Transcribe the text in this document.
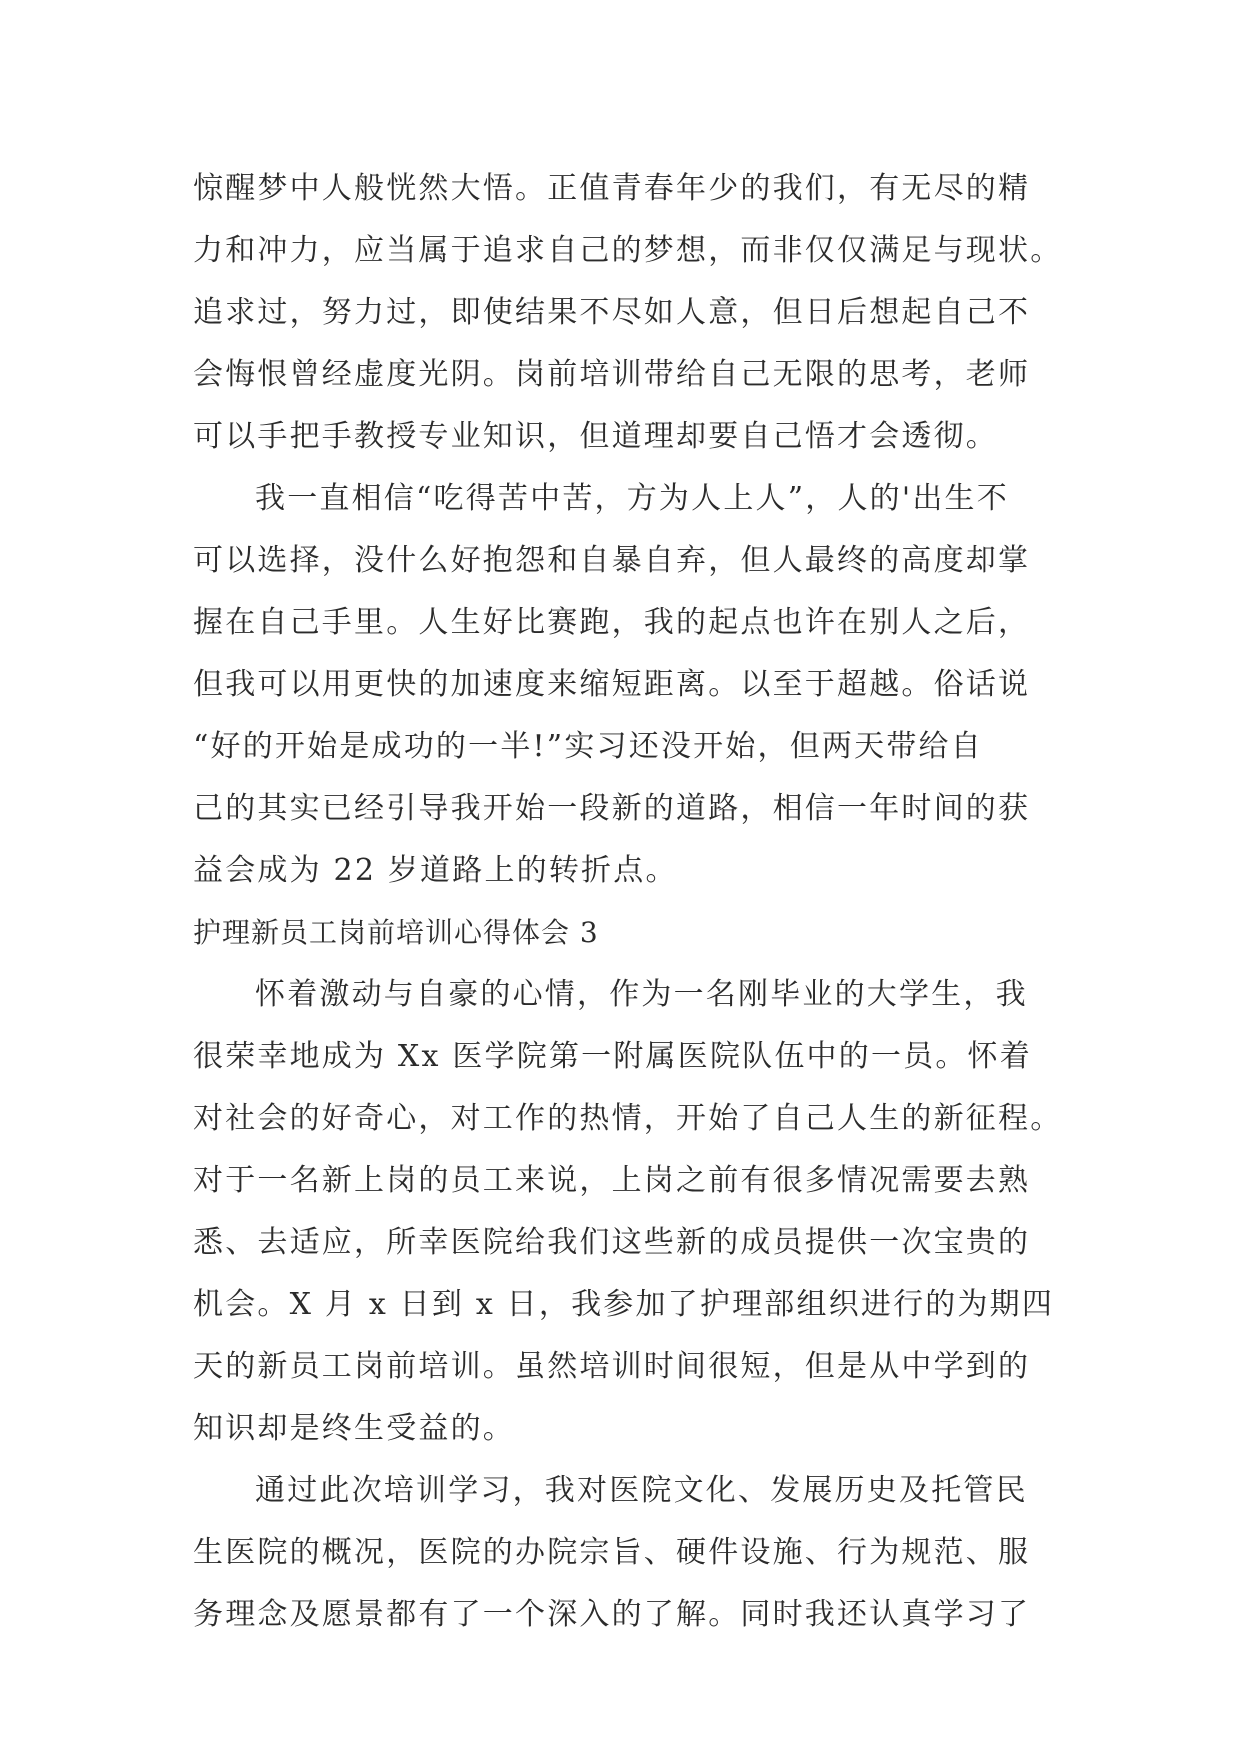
惊醒梦中人般恍然大悟。正值青春年少的我们，有无尽的精
力和冲力，应当属于追求自己的梦想，而非仅仅满足与现状。
追求过，努力过，即使结果不尽如人意，但日后想起自己不
会悔恨曾经虚度光阴。岗前培训带给自己无限的思考，老师
可以手把手教授专业知识，但道理却要自己悟才会透彻。
我一直相信“吃得苦中苦，方为人上人”，人的'出生不
可以选择，没什么好抱怨和自暴自弃，但人最终的高度却掌
握在自己手里。人生好比赛跑，我的起点也许在别人之后，
但我可以用更快的加速度来缩短距离。以至于超越。俗话说
“好的开始是成功的一半!”实习还没开始，但两天带给自
己的其实已经引导我开始一段新的道路，相信一年时间的获
益会成为 22 岁道路上的转折点。
护理新员工岗前培训心得体会 3
怀着激动与自豪的心情，作为一名刚毕业的大学生，我
很荣幸地成为 Xx 医学院第一附属医院队伍中的一员。怀着
对社会的好奇心，对工作的热情，开始了自己人生的新征程。
对于一名新上岗的员工来说，上岗之前有很多情况需要去熟
悉、去适应，所幸医院给我们这些新的成员提供一次宝贵的
机会。X 月 x 日到 x 日，我参加了护理部组织进行的为期四
天的新员工岗前培训。虽然培训时间很短，但是从中学到的
知识却是终生受益的。
通过此次培训学习，我对医院文化、发展历史及托管民
生医院的概况，医院的办院宗旨、硬件设施、行为规范、服
务理念及愿景都有了一个深入的了解。同时我还认真学习了
